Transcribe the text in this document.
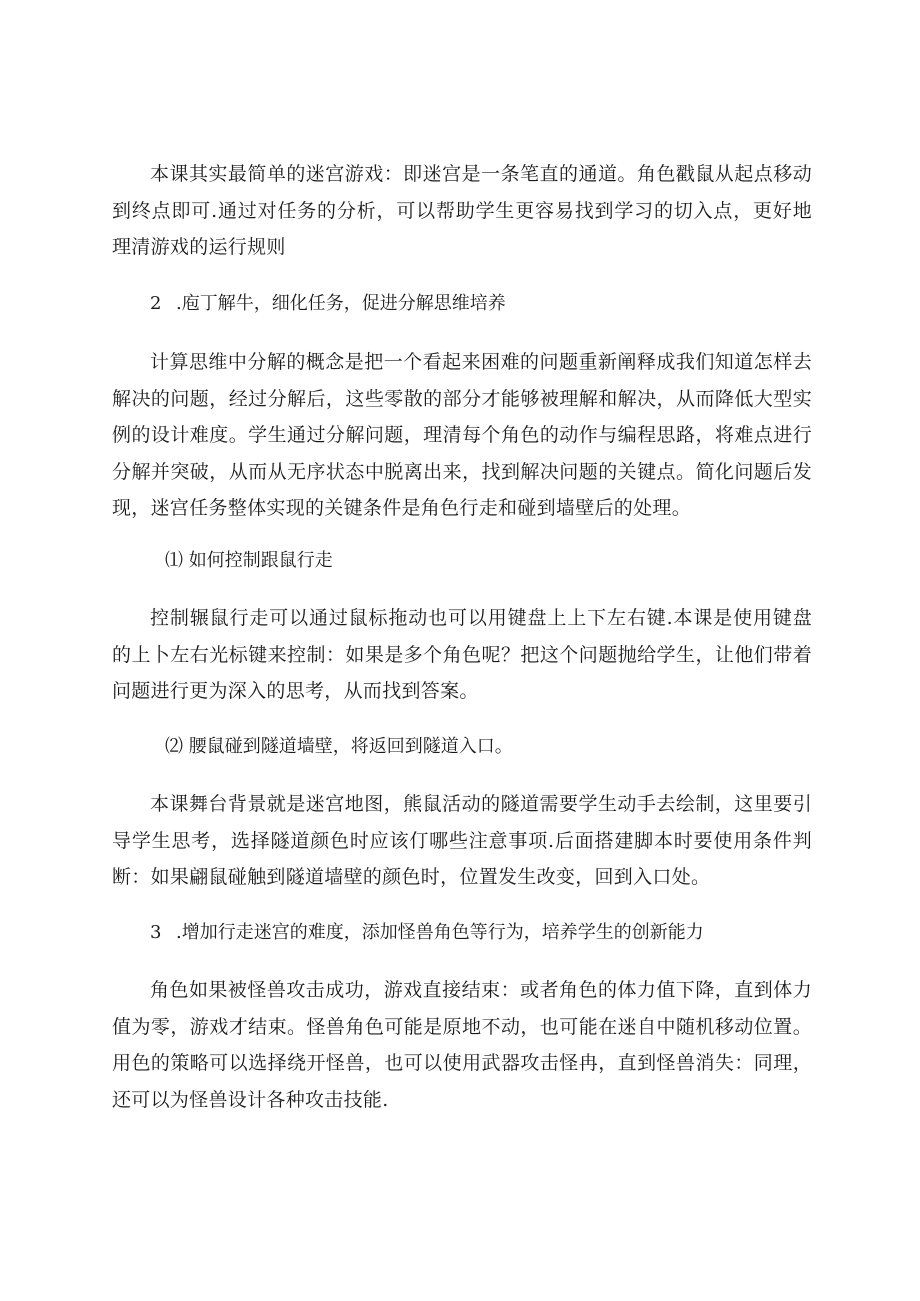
本课其实最简单的迷宫游戏：即迷宫是一条笔直的通道。角色戳鼠从起点移动到终点即可.通过对任务的分析，可以帮助学生更容易找到学习的切入点，更好地理清游戏的运行规则

2 .庖丁解牛，细化任务，促进分解思维培养

计算思维中分解的概念是把一个看起来困难的问题重新阐释成我们知道怎样去解决的问题，经过分解后，这些零散的部分才能够被理解和解决，从而降低大型实例的设计难度。学生通过分解问题，理清每个角色的动作与编程思路，将难点进行分解并突破，从而从无序状态中脱离出来，找到解决问题的关键点。简化问题后发现，迷宫任务整体实现的关键条件是角色行走和碰到墙壁后的处理。

⑴ 如何控制跟鼠行走

控制辗鼠行走可以通过鼠标拖动也可以用键盘上上下左右键.本课是使用键盘的上卜左右光标键来控制：如果是多个角色呢？把这个问题抛给学生，让他们带着问题进行更为深入的思考，从而找到答案。

⑵ 腰鼠碰到隧道墙壁，将返回到隧道入口。

本课舞台背景就是迷宫地图，熊鼠活动的隧道需要学生动手去绘制，这里要引导学生思考，选择隧道颜色时应该仃哪些注意事项.后面搭建脚本时要使用条件判断：如果翩鼠碰触到隧道墙壁的颜色时，位置发生改变，回到入口处。

3 .增加行走迷宫的难度，添加怪兽角色等行为，培养学生的创新能力

角色如果被怪兽攻击成功，游戏直接结束：或者角色的体力值下降，直到体力值为零，游戏才结束。怪兽角色可能是原地不动，也可能在迷自中随机移动位置。用色的策略可以选择绕开怪兽，也可以使用武器攻击怪冉，直到怪兽消失：同理，还可以为怪兽设计各种攻击技能.
